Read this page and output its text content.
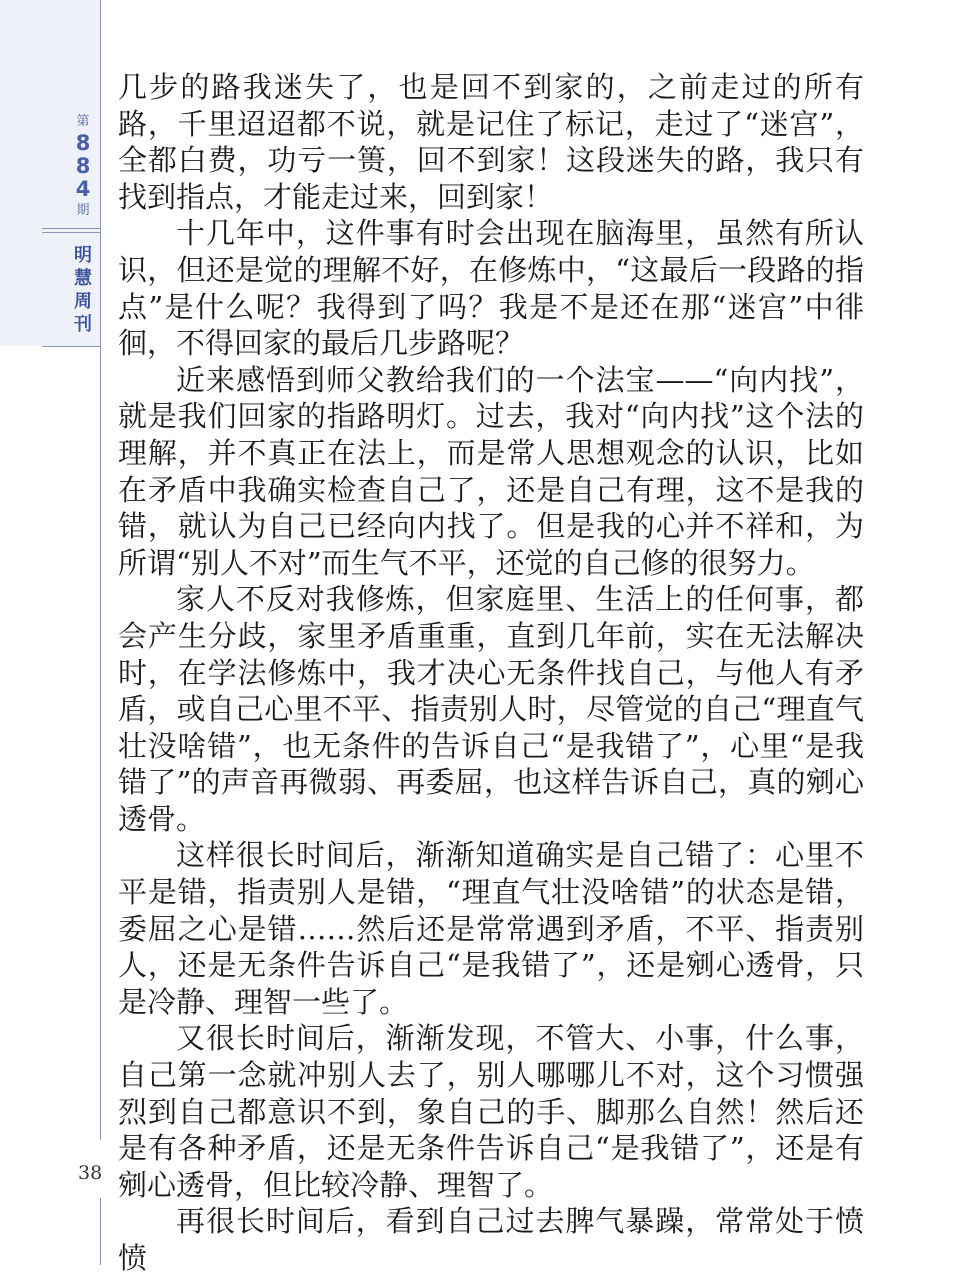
第
8
8
4
期
明
慧
周
刊
38

几步的路我迷失了，也是回不到家的，之前走过的所有路，千里迢迢都不说，就是记住了标记，走过了“迷宫”，全都白费，功亏一篑，回不到家！这段迷失的路，我只有找到指点，才能走过来，回到家！

十几年中，这件事有时会出现在脑海里，虽然有所认识，但还是觉的理解不好，在修炼中，“这最后一段路的指点”是什么呢？我得到了吗？我是不是还在那“迷宫”中徘徊，不得回家的最后几步路呢？

近来感悟到师父教给我们的一个法宝——“向内找”，就是我们回家的指路明灯。过去，我对“向内找”这个法的理解，并不真正在法上，而是常人思想观念的认识，比如在矛盾中我确实检查自己了，还是自己有理，这不是我的错，就认为自己已经向内找了。但是我的心并不祥和，为所谓“别人不对”而生气不平，还觉的自己修的很努力。

家人不反对我修炼，但家庭里、生活上的任何事，都会产生分歧，家里矛盾重重，直到几年前，实在无法解决时，在学法修炼中，我才决心无条件找自己，与他人有矛盾，或自己心里不平、指责别人时，尽管觉的自己“理直气壮没啥错”，也无条件的告诉自己“是我错了”，心里“是我错了”的声音再微弱、再委屈，也这样告诉自己，真的剜心透骨。

这样很长时间后，渐渐知道确实是自己错了：心里不平是错，指责别人是错，“理直气壮没啥错”的状态是错，委屈之心是错……然后还是常常遇到矛盾，不平、指责别人，还是无条件告诉自己“是我错了”，还是剜心透骨，只是冷静、理智一些了。

又很长时间后，渐渐发现，不管大、小事，什么事，自己第一念就冲别人去了，别人哪哪儿不对，这个习惯强烈到自己都意识不到，象自己的手、脚那么自然！然后还是有各种矛盾，还是无条件告诉自己“是我错了”，还是有剜心透骨，但比较冷静、理智了。

再很长时间后，看到自己过去脾气暴躁，常常处于愤愤
